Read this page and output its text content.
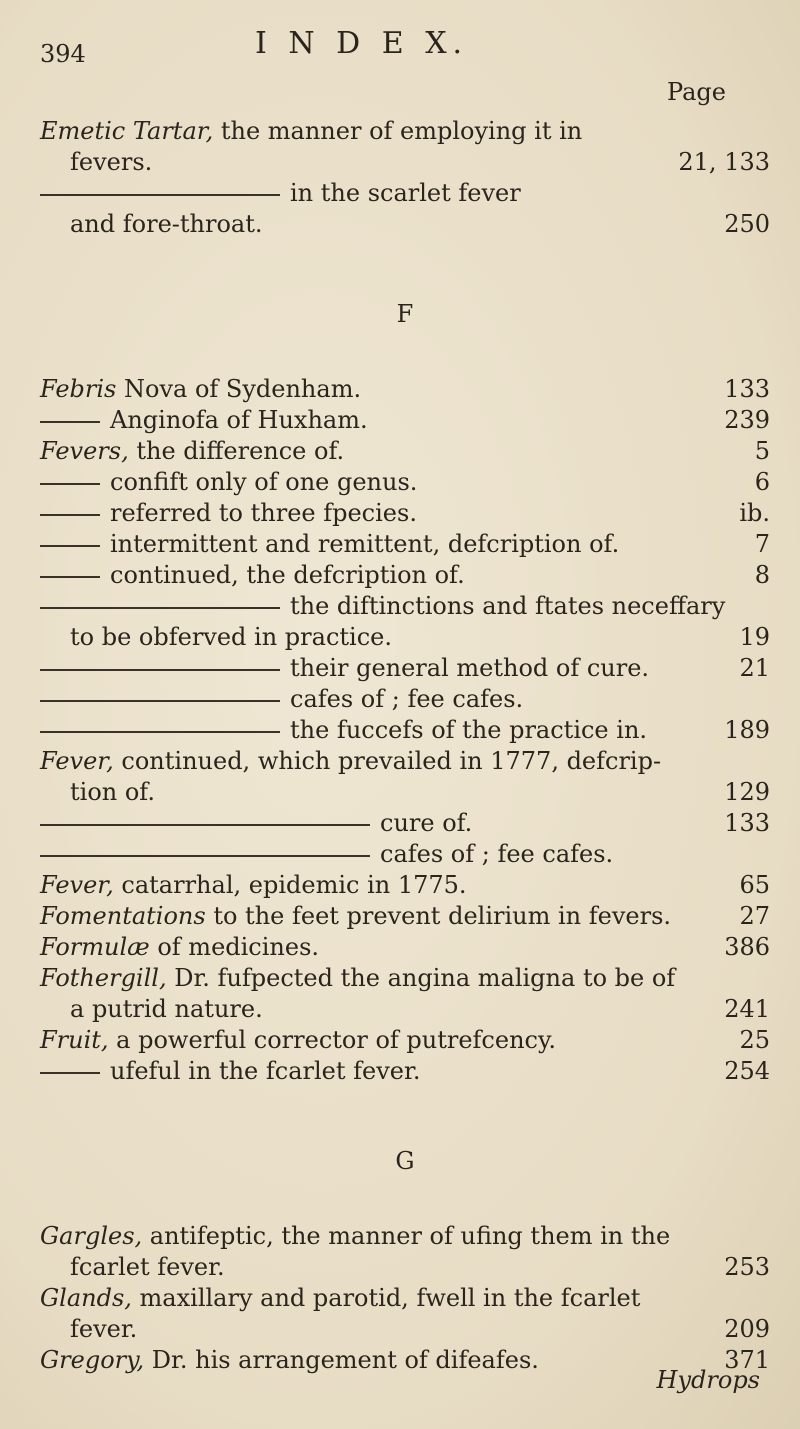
394	I N D E X.
Page
Emetic Tartar, the manner of employing it in
fevers.	21, 133
in the scarlet fever
and fore-throat.	250
F
Febris Nova of Sydenham.	133
Anginofa of Huxham.	239
Fevers, the difference of.	5
confift only of one genus.	6
referred to three fpecies.	ib.
intermittent and remittent, defcription of.	7
continued, the defcription of.	8
the diftinctions and ftates neceffary
to be obferved in practice.	19
their general method of cure.	21
cafes of ; fee cafes.
the fuccefs of the practice in.	189
Fever, continued, which prevailed in 1777, defcrip-
tion of.	129
cure of.	133
cafes of ; fee cafes.
Fever, catarrhal, epidemic in 1775.	65
Fomentations to the feet prevent delirium in fevers.	27
Formulæ of medicines.	386
Fothergill, Dr. fufpected the angina maligna to be of
a putrid nature.	241
Fruit, a powerful corrector of putrefcency.	25
ufeful in the fcarlet fever.	254
G
Gargles, antifeptic, the manner of ufing them in the
fcarlet fever.	253
Glands, maxillary and parotid, fwell in the fcarlet
fever.	209
Gregory, Dr. his arrangement of difeafes.	371
Hydrops
